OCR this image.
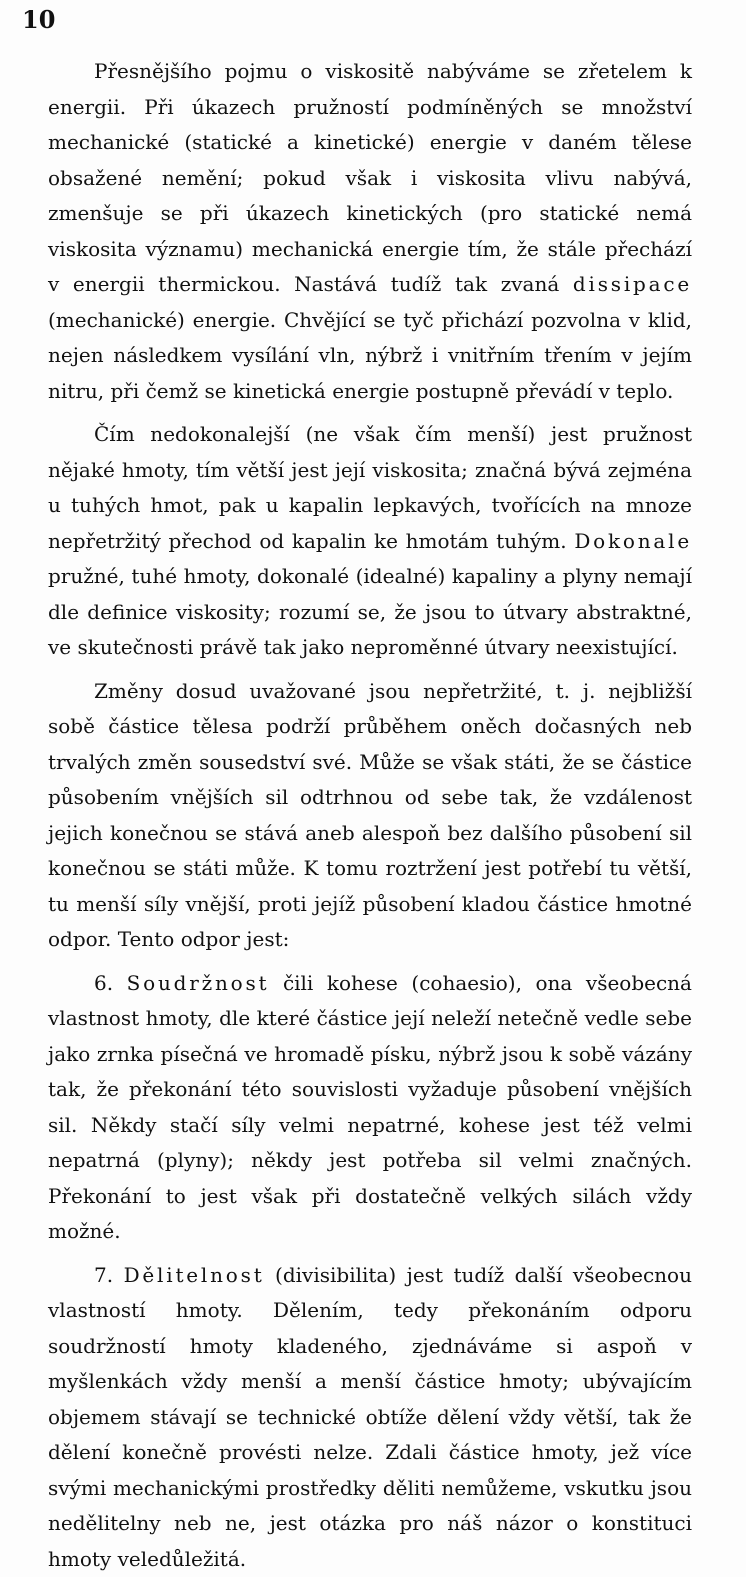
10

Přesnějšího pojmu o viskositě nabýváme se zřetelem k energii. Při úkazech pružností podmíněných se množství mechanické (statické a kinetické) energie v daném tělese obsažené nemění; pokud však i viskosita vlivu nabývá, zmenšuje se při úkazech kinetických (pro statické nemá viskosita významu) mechanická energie tím, že stále přechází v energii thermickou. Nastává tudíž tak zvaná dissipace (mechanické) energie. Chvějící se tyč přichází pozvolna v klid, nejen následkem vysílání vln, nýbrž i vnitřním třením v jejím nitru, při čemž se kinetická energie postupně převádí v teplo.

Čím nedokonalejší (ne však čím menší) jest pružnost nějaké hmoty, tím větší jest její viskosita; značná bývá zejména u tuhých hmot, pak u kapalin lepkavých, tvořících na mnoze nepřetržitý přechod od kapalin ke hmotám tuhým. Dokonale pružné, tuhé hmoty, dokonalé (idealné) kapaliny a plyny nemají dle definice viskosity; rozumí se, že jsou to útvary abstraktné, ve skutečnosti právě tak jako neproměnné útvary neexistující.

Změny dosud uvažované jsou nepřetržité, t. j. nejbližší sobě částice tělesa podrží průběhem oněch dočasných neb trvalých změn sousedství své. Může se však státi, že se částice působením vnějších sil odtrhnou od sebe tak, že vzdálenost jejich konečnou se stává aneb alespoň bez dalšího působení sil konečnou se státi může. K tomu roztržení jest potřebí tu větší, tu menší síly vnější, proti jejíž působení kladou částice hmotné odpor. Tento odpor jest:

6. Soudržnost čili kohese (cohaesio), ona všeobecná vlastnost hmoty, dle které částice její neleží netečně vedle sebe jako zrnka písečná ve hromadě písku, nýbrž jsou k sobě vázány tak, že překonání této souvislosti vyžaduje působení vnějších sil. Někdy stačí síly velmi nepatrné, kohese jest též velmi nepatrná (plyny); někdy jest potřeba sil velmi značných. Překonání to jest však při dostatečně velkých silách vždy možné.

7. Dělitelnost (divisibilita) jest tudíž další všeobecnou vlastností hmoty. Dělením, tedy překonáním odporu soudržností hmoty kladeného, zjednáváme si aspoň v myšlenkách vždy menší a menší částice hmoty; ubývajícím objemem stávají se technické obtíže dělení vždy větší, tak že dělení konečně provésti nelze. Zdali částice hmoty, jež více svými mechanickými prostředky děliti nemůžeme, vskutku jsou nedělitelny neb ne, jest otázka pro náš názor o konstituci hmoty veledůležitá.
